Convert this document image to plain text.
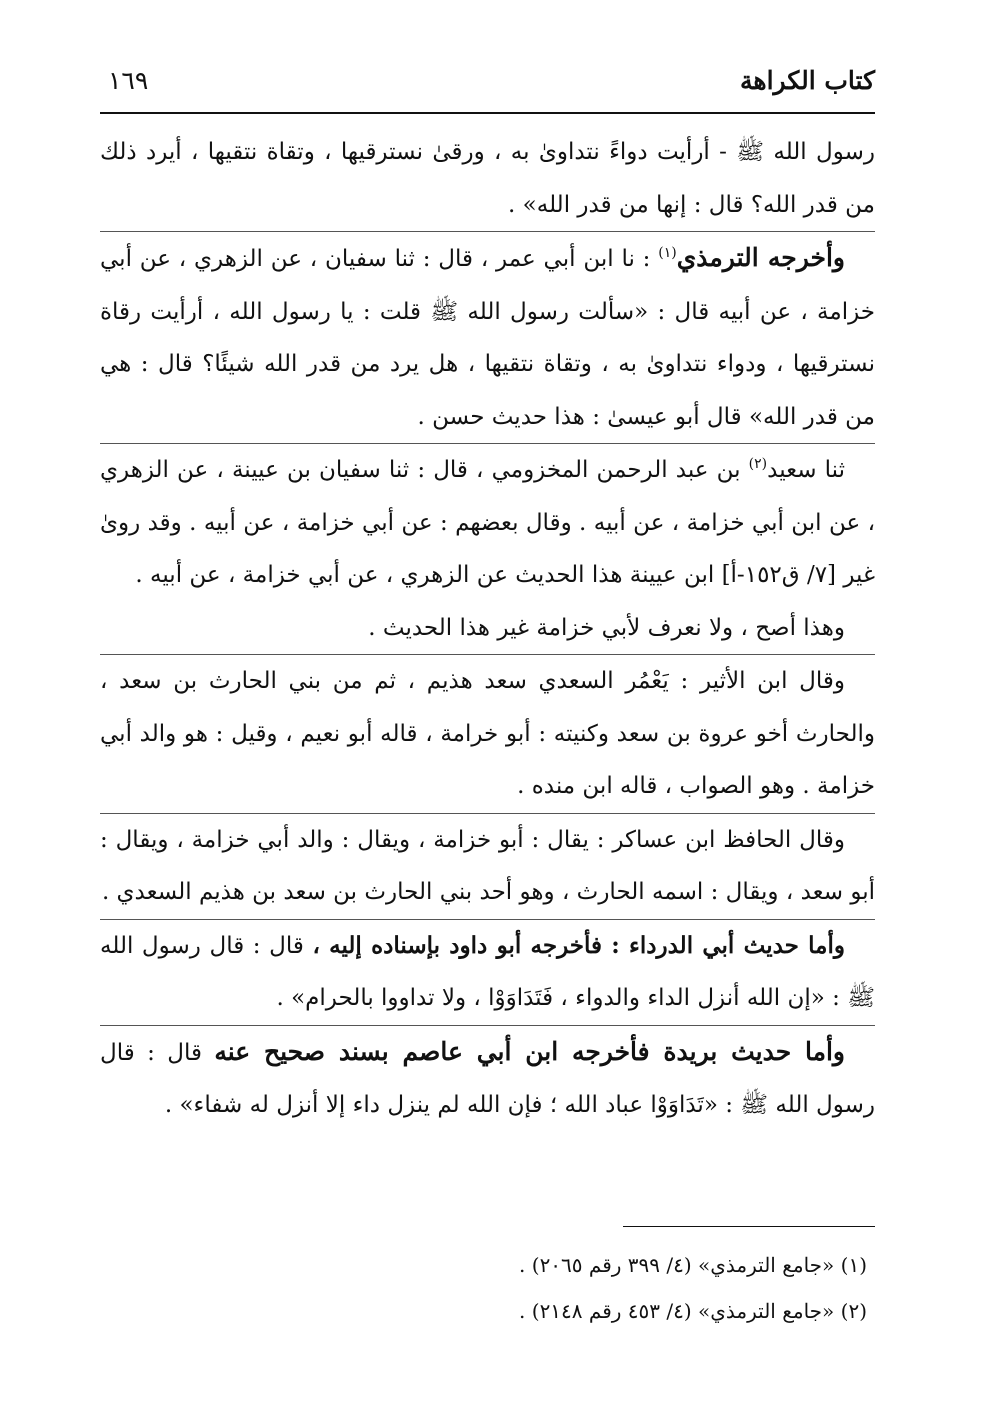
كتاب الكراهة
١٦٩

رسول الله ﷺ - أرأيت دواءً نتداوىٰ به ، ورقىٰ نسترقيها ، وتقاة نتقيها ، أيرد ذلك من قدر الله؟ قال : إنها من قدر الله» .

وأخرجه الترمذي$^{(١)}$ : نا ابن أبي عمر ، قال : ثنا سفيان ، عن الزهري ، عن أبي خزامة ، عن أبيه قال : «سألت رسول الله ﷺ قلت : يا رسول الله ، أرأيت رقاة نسترقيها ، ودواء نتداوىٰ به ، وتقاة نتقيها ، هل يرد من قدر الله شيئًا؟ قال : هي من قدر الله» قال أبو عيسىٰ : هذا حديث حسن .

ثنا سعيد$^{(٢)}$ بن عبد الرحمن المخزومي ، قال : ثنا سفيان بن عيينة ، عن الزهري ، عن ابن أبي خزامة ، عن أبيه . وقال بعضهم : عن أبي خزامة ، عن أبيه . وقد روىٰ غير [٧/ ق١٥٢-أ] ابن عيينة هذا الحديث عن الزهري ، عن أبي خزامة ، عن أبيه .

وهذا أصح ، ولا نعرف لأبي خزامة غير هذا الحديث .

وقال ابن الأثير : يَعْمُر السعدي سعد هذيم ، ثم من بني الحارث بن سعد ، والحارث أخو عروة بن سعد وكنيته : أبو خرامة ، قاله أبو نعيم ، وقيل : هو والد أبي خزامة . وهو الصواب ، قاله ابن منده .

وقال الحافظ ابن عساكر : يقال : أبو خزامة ، ويقال : والد أبي خزامة ، ويقال : أبو سعد ، ويقال : اسمه الحارث ، وهو أحد بني الحارث بن سعد بن هذيم السعدي .

وأما حديث أبي الدرداء : فأخرجه أبو داود بإسناده إليه ، قال : قال رسول الله ﷺ : «إن الله أنزل الداء والدواء ، فَتَدَاوَوْا ، ولا تداووا بالحرام» .

وأما حديث بريدة فأخرجه ابن أبي عاصم بسند صحيح عنه قال : قال رسول الله ﷺ : «تَدَاوَوْا عباد الله ؛ فإن الله لم ينزل داء إلا أنزل له شفاء» .

(١) «جامع الترمذي» (٤/ ٣٩٩ رقم ٢٠٦٥) .

(٢) «جامع الترمذي» (٤/ ٤٥٣ رقم ٢١٤٨) .
